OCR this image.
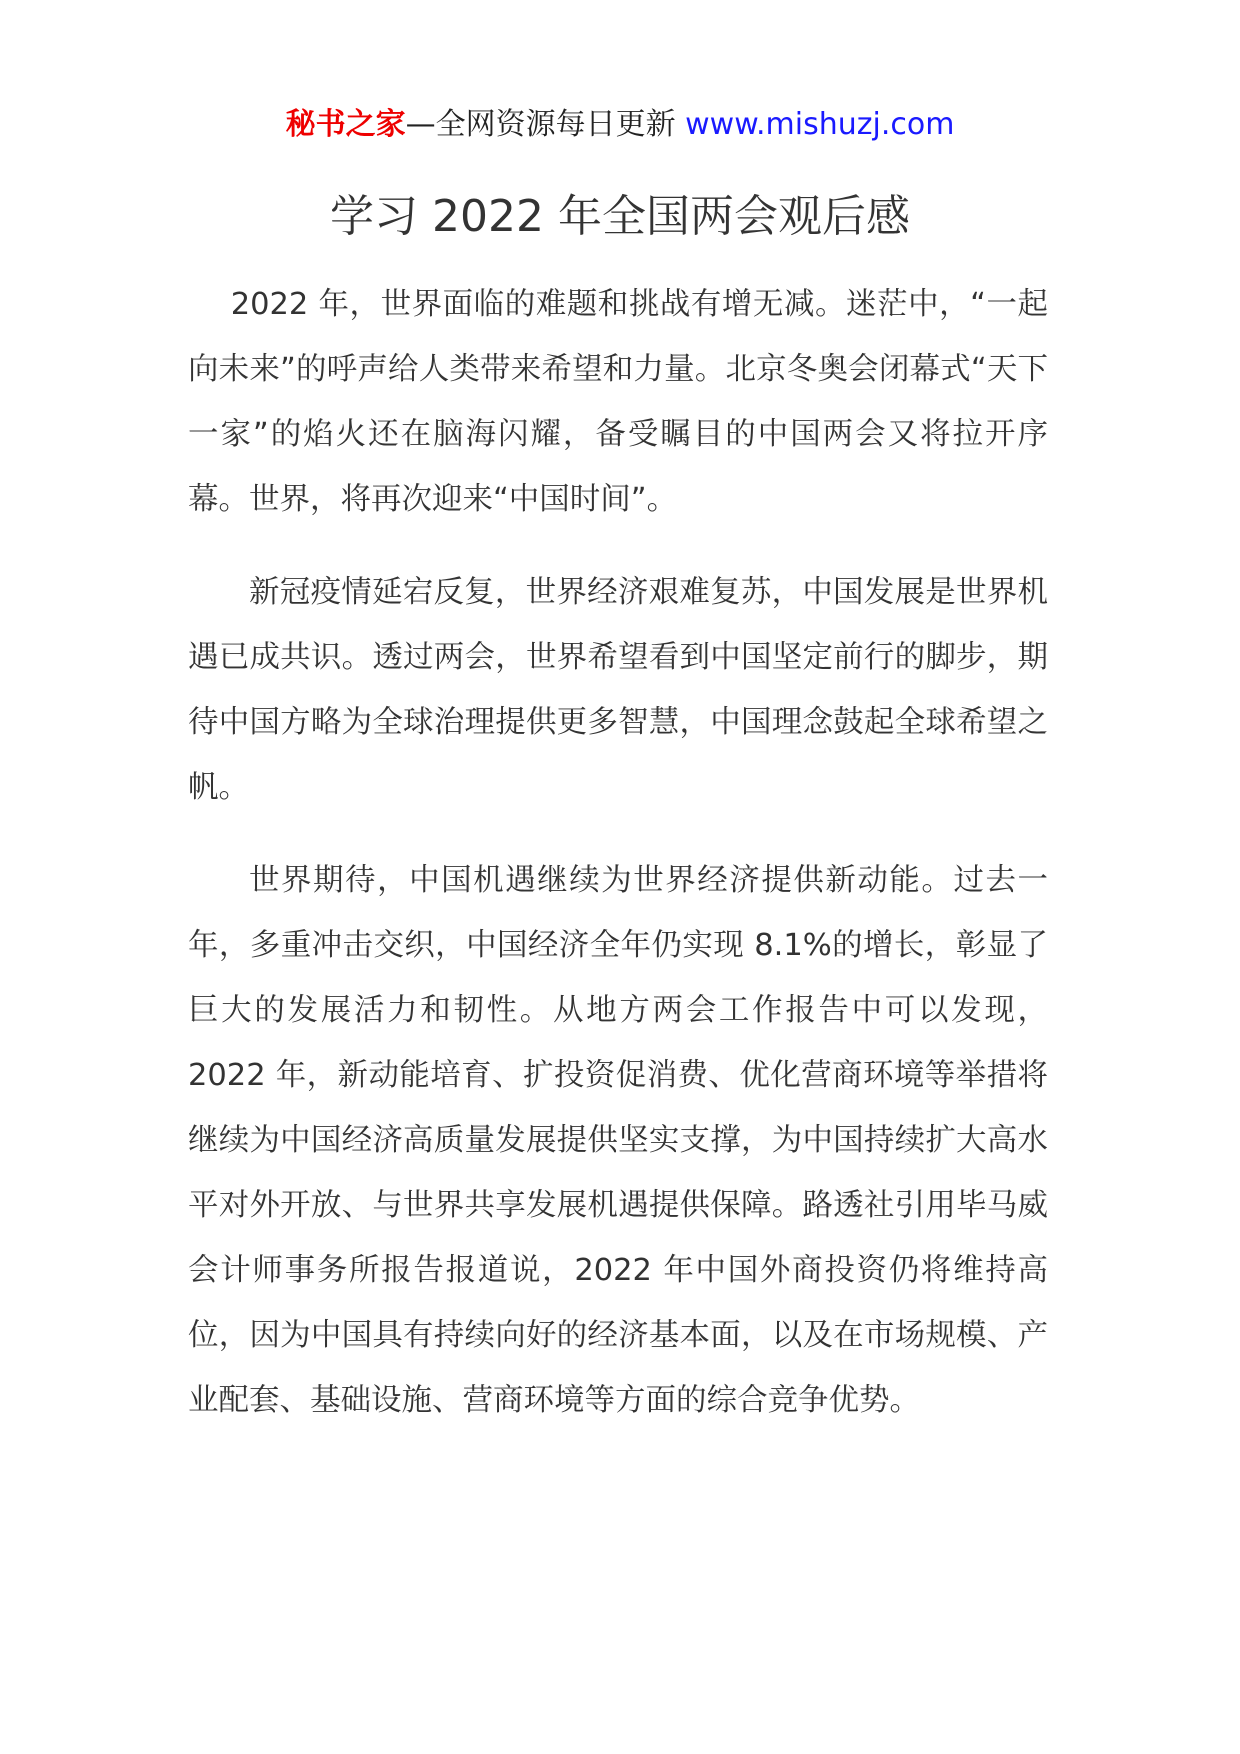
秘书之家—全网资源每日更新 www.mishuzj.com
学习 2022 年全国两会观后感

2022 年，世界面临的难题和挑战有增无减。迷茫中，“一起向未来”的呼声给人类带来希望和力量。北京冬奥会闭幕式“天下一家”的焰火还在脑海闪耀，备受瞩目的中国两会又将拉开序幕。世界，将再次迎来“中国时间”。

新冠疫情延宕反复，世界经济艰难复苏，中国发展是世界机遇已成共识。透过两会，世界希望看到中国坚定前行的脚步，期待中国方略为全球治理提供更多智慧，中国理念鼓起全球希望之帆。

世界期待，中国机遇继续为世界经济提供新动能。过去一年，多重冲击交织，中国经济全年仍实现 8.1%的增长，彰显了巨大的发展活力和韧性。从地方两会工作报告中可以发现，2022 年，新动能培育、扩投资促消费、优化营商环境等举措将继续为中国经济高质量发展提供坚实支撑，为中国持续扩大高水平对外开放、与世界共享发展机遇提供保障。路透社引用毕马威会计师事务所报告报道说，2022 年中国外商投资仍将维持高位，因为中国具有持续向好的经济基本面，以及在市场规模、产业配套、基础设施、营商环境等方面的综合竞争优势。
